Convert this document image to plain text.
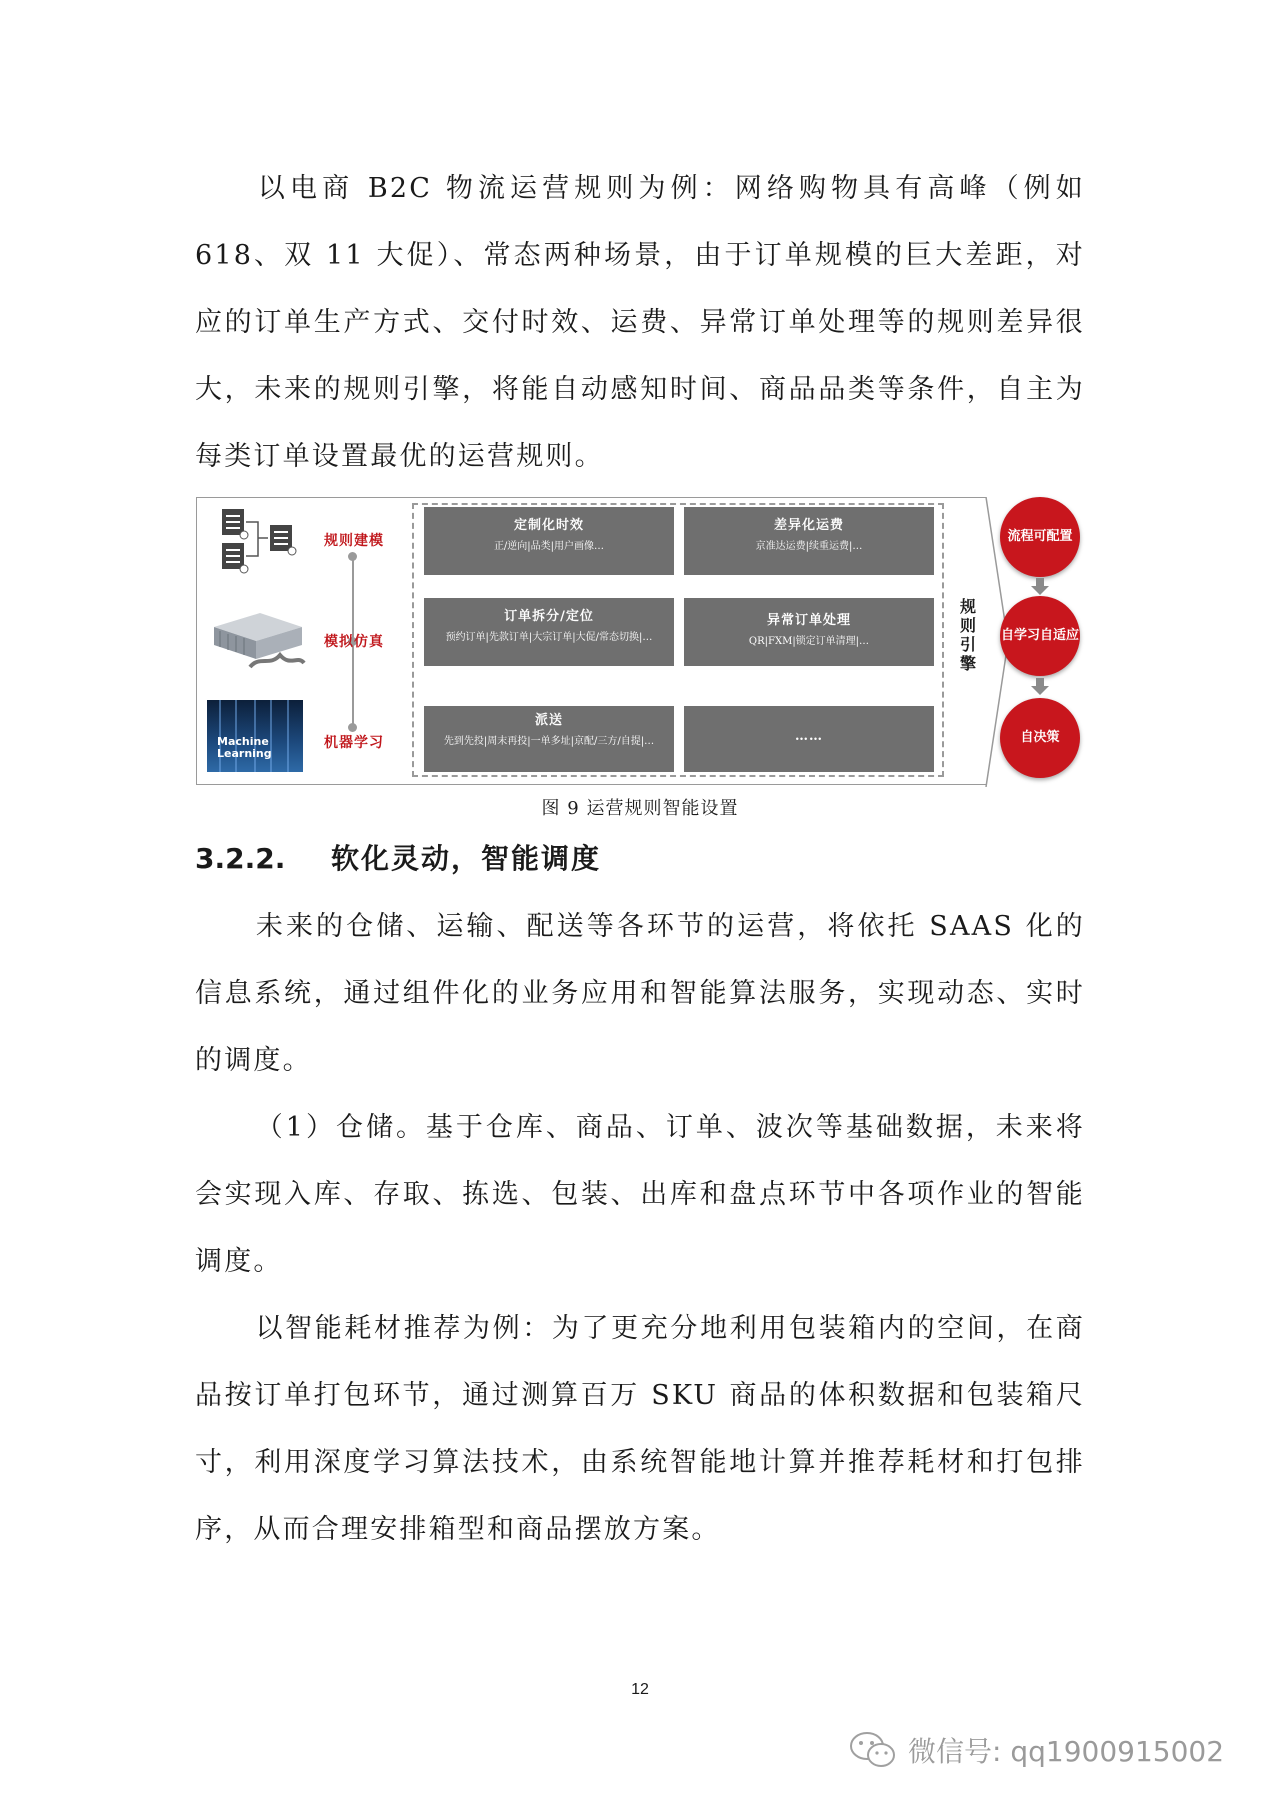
以电商 B2C 物流运营规则为例：网络购物具有高峰（例如 618、双 11 大促）、常态两种场景，由于订单规模的巨大差距，对应的订单生产方式、交付时效、运费、异常订单处理等的规则差异很大，未来的规则引擎，将能自动感知时间、商品品类等条件，自主为每类订单设置最优的运营规则。

Machine Learning
规则建模
模拟仿真
机器学习
定制化时效
正/逆向|品类|用户画像…
差异化运费
京准达运费|续重运费|…
订单拆分/定位
预约订单|先款订单|大宗订单|大促/常态切换|…
异常订单处理
QR|FXM|锁定订单清理|…
派送
先到先投|周末再投|一单多址|京配/三方/自提|…	……
规则引擎
流程可配置
自学习自适应
自决策
图 9 运营规则智能设置
3.2.2. 软化灵动，智能调度

未来的仓储、运输、配送等各环节的运营，将依托 SAAS 化的信息系统，通过组件化的业务应用和智能算法服务，实现动态、实时的调度。

（1）仓储。基于仓库、商品、订单、波次等基础数据，未来将会实现入库、存取、拣选、包装、出库和盘点环节中各项作业的智能调度。

以智能耗材推荐为例：为了更充分地利用包装箱内的空间，在商品按订单打包环节，通过测算百万 SKU 商品的体积数据和包装箱尺寸，利用深度学习算法技术，由系统智能地计算并推荐耗材和打包排序，从而合理安排箱型和商品摆放方案。

12
微信号: qq1900915002
